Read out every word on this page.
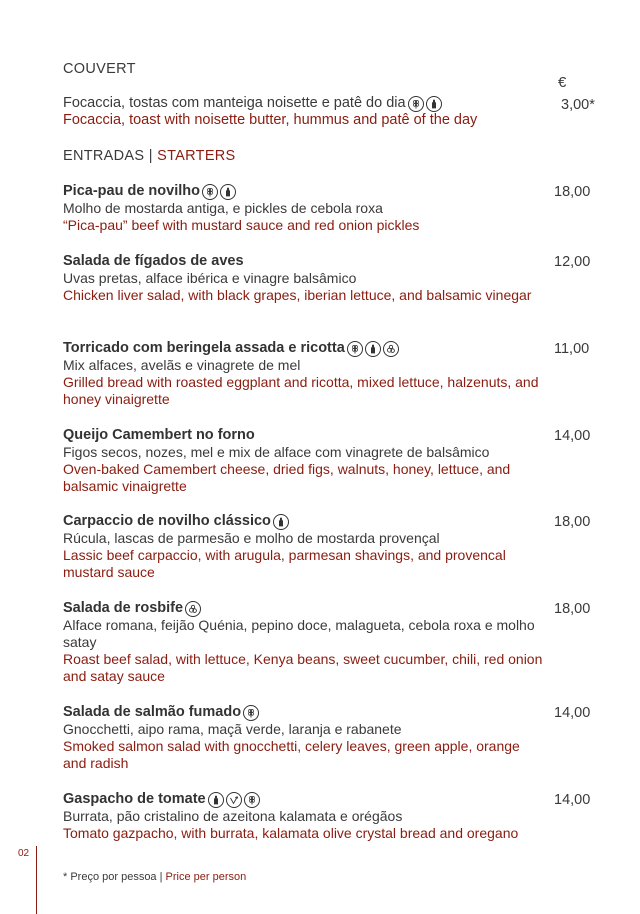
COUVERT
€
Focaccia, tostas com manteiga noisette e patê do dia
Focaccia, toast with noisette butter, hummus and patê of the day
3,00*
ENTRADAS | STARTERS
Pica-pau de novilho
Molho de mostarda antiga, e pickles de cebola roxa
“Pica-pau” beef with mustard sauce and red onion pickles
18,00
Salada de fígados de aves
Uvas pretas, alface ibérica e vinagre balsâmico
Chicken liver salad, with black grapes, iberian lettuce, and balsamic vinegar
12,00
Torricado com beringela assada e ricotta
Mix alfaces, avelãs e vinagrete de mel
Grilled bread with roasted eggplant and ricotta, mixed lettuce, halzenuts, and honey vinaigrette
11,00
Queijo Camembert no forno
Figos secos, nozes, mel e mix de alface com vinagrete de balsâmico
Oven-baked Camembert cheese, dried figs, walnuts, honey, lettuce, and balsamic vinaigrette
14,00
Carpaccio de novilho clássico
Rúcula, lascas de parmesão e molho de mostarda provençal
Lassic beef carpaccio, with arugula, parmesan shavings, and provencal mustard sauce
18,00
Salada de rosbife
Alface romana, feijão Quénia, pepino doce, malagueta, cebola roxa e molho satay
Roast beef salad, with lettuce, Kenya beans, sweet cucumber, chili, red onion and satay sauce
18,00
Salada de salmão fumado
Gnocchetti, aipo rama, maçã verde, laranja e rabanete
Smoked salmon salad with gnocchetti, celery leaves, green apple, orange and radish
14,00
Gaspacho de tomate
Burrata, pão cristalino de azeitona kalamata e orégãos
Tomato gazpacho, with burrata, kalamata olive crystal bread and oregano
14,00
02
* Preço por pessoa | Price per person
